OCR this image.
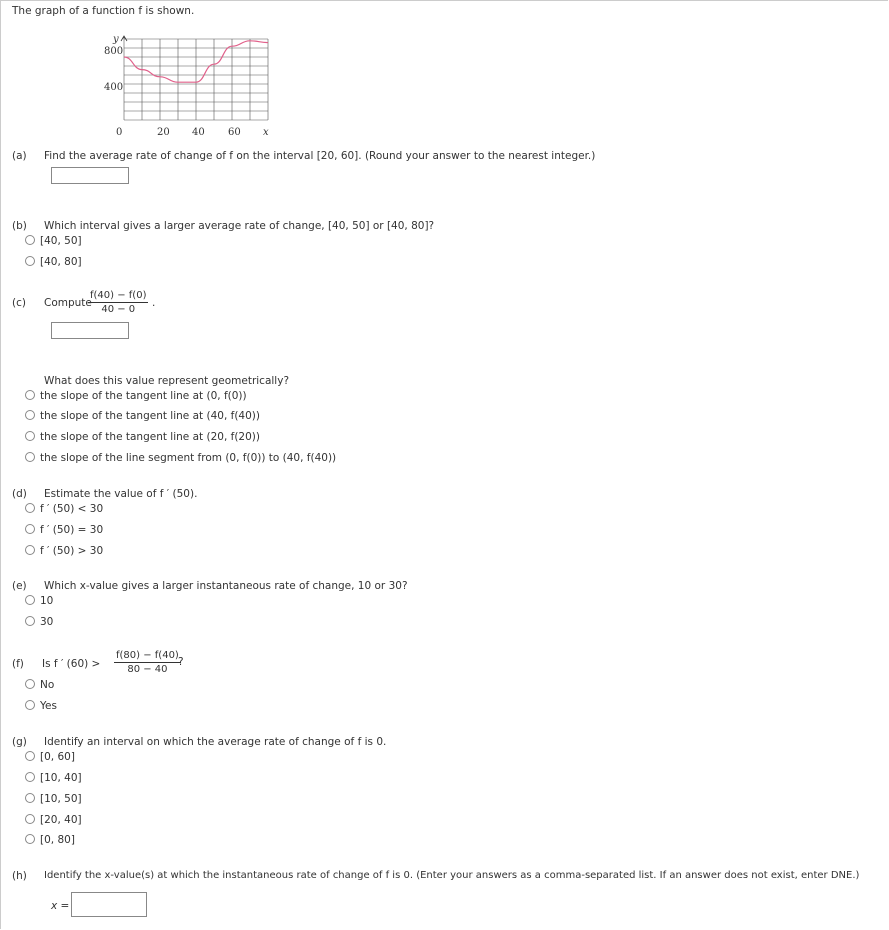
The graph of a function f is shown.
y
x
800
400
0	20 40 60
(a) Find the average rate of change of f on the interval [20, 60]. (Round your answer to the nearest integer.)
(b) Which interval gives a larger average rate of change, [40, 50] or [40, 80]?
[40, 50]
[40, 80]
(c) Compute
f(40) − f(0)
40 − 0
.
What does this value represent geometrically?
the slope of the tangent line at (0, f(0))
the slope of the tangent line at (40, f(40))
the slope of the tangent line at (20, f(20))
the slope of the line segment from (0, f(0)) to (40, f(40))
(d) Estimate the value of f ′ (50).
f ′ (50) < 30
f ′ (50) = 30
f ′ (50) > 30
(e) Which x-value gives a larger instantaneous rate of change, 10 or 30?
10
30
(f) Is f ′ (60) >
f(80) − f(40)
80 − 40
?
No
Yes
(g) Identify an interval on which the average rate of change of f is 0.
[0, 60]
[10, 40]
[10, 50]
[20, 40]
[0, 80]
(h) Identify the x-value(s) at which the instantaneous rate of change of f is 0. (Enter your answers as a comma-separated list. If an answer does not exist, enter DNE.)
x =
